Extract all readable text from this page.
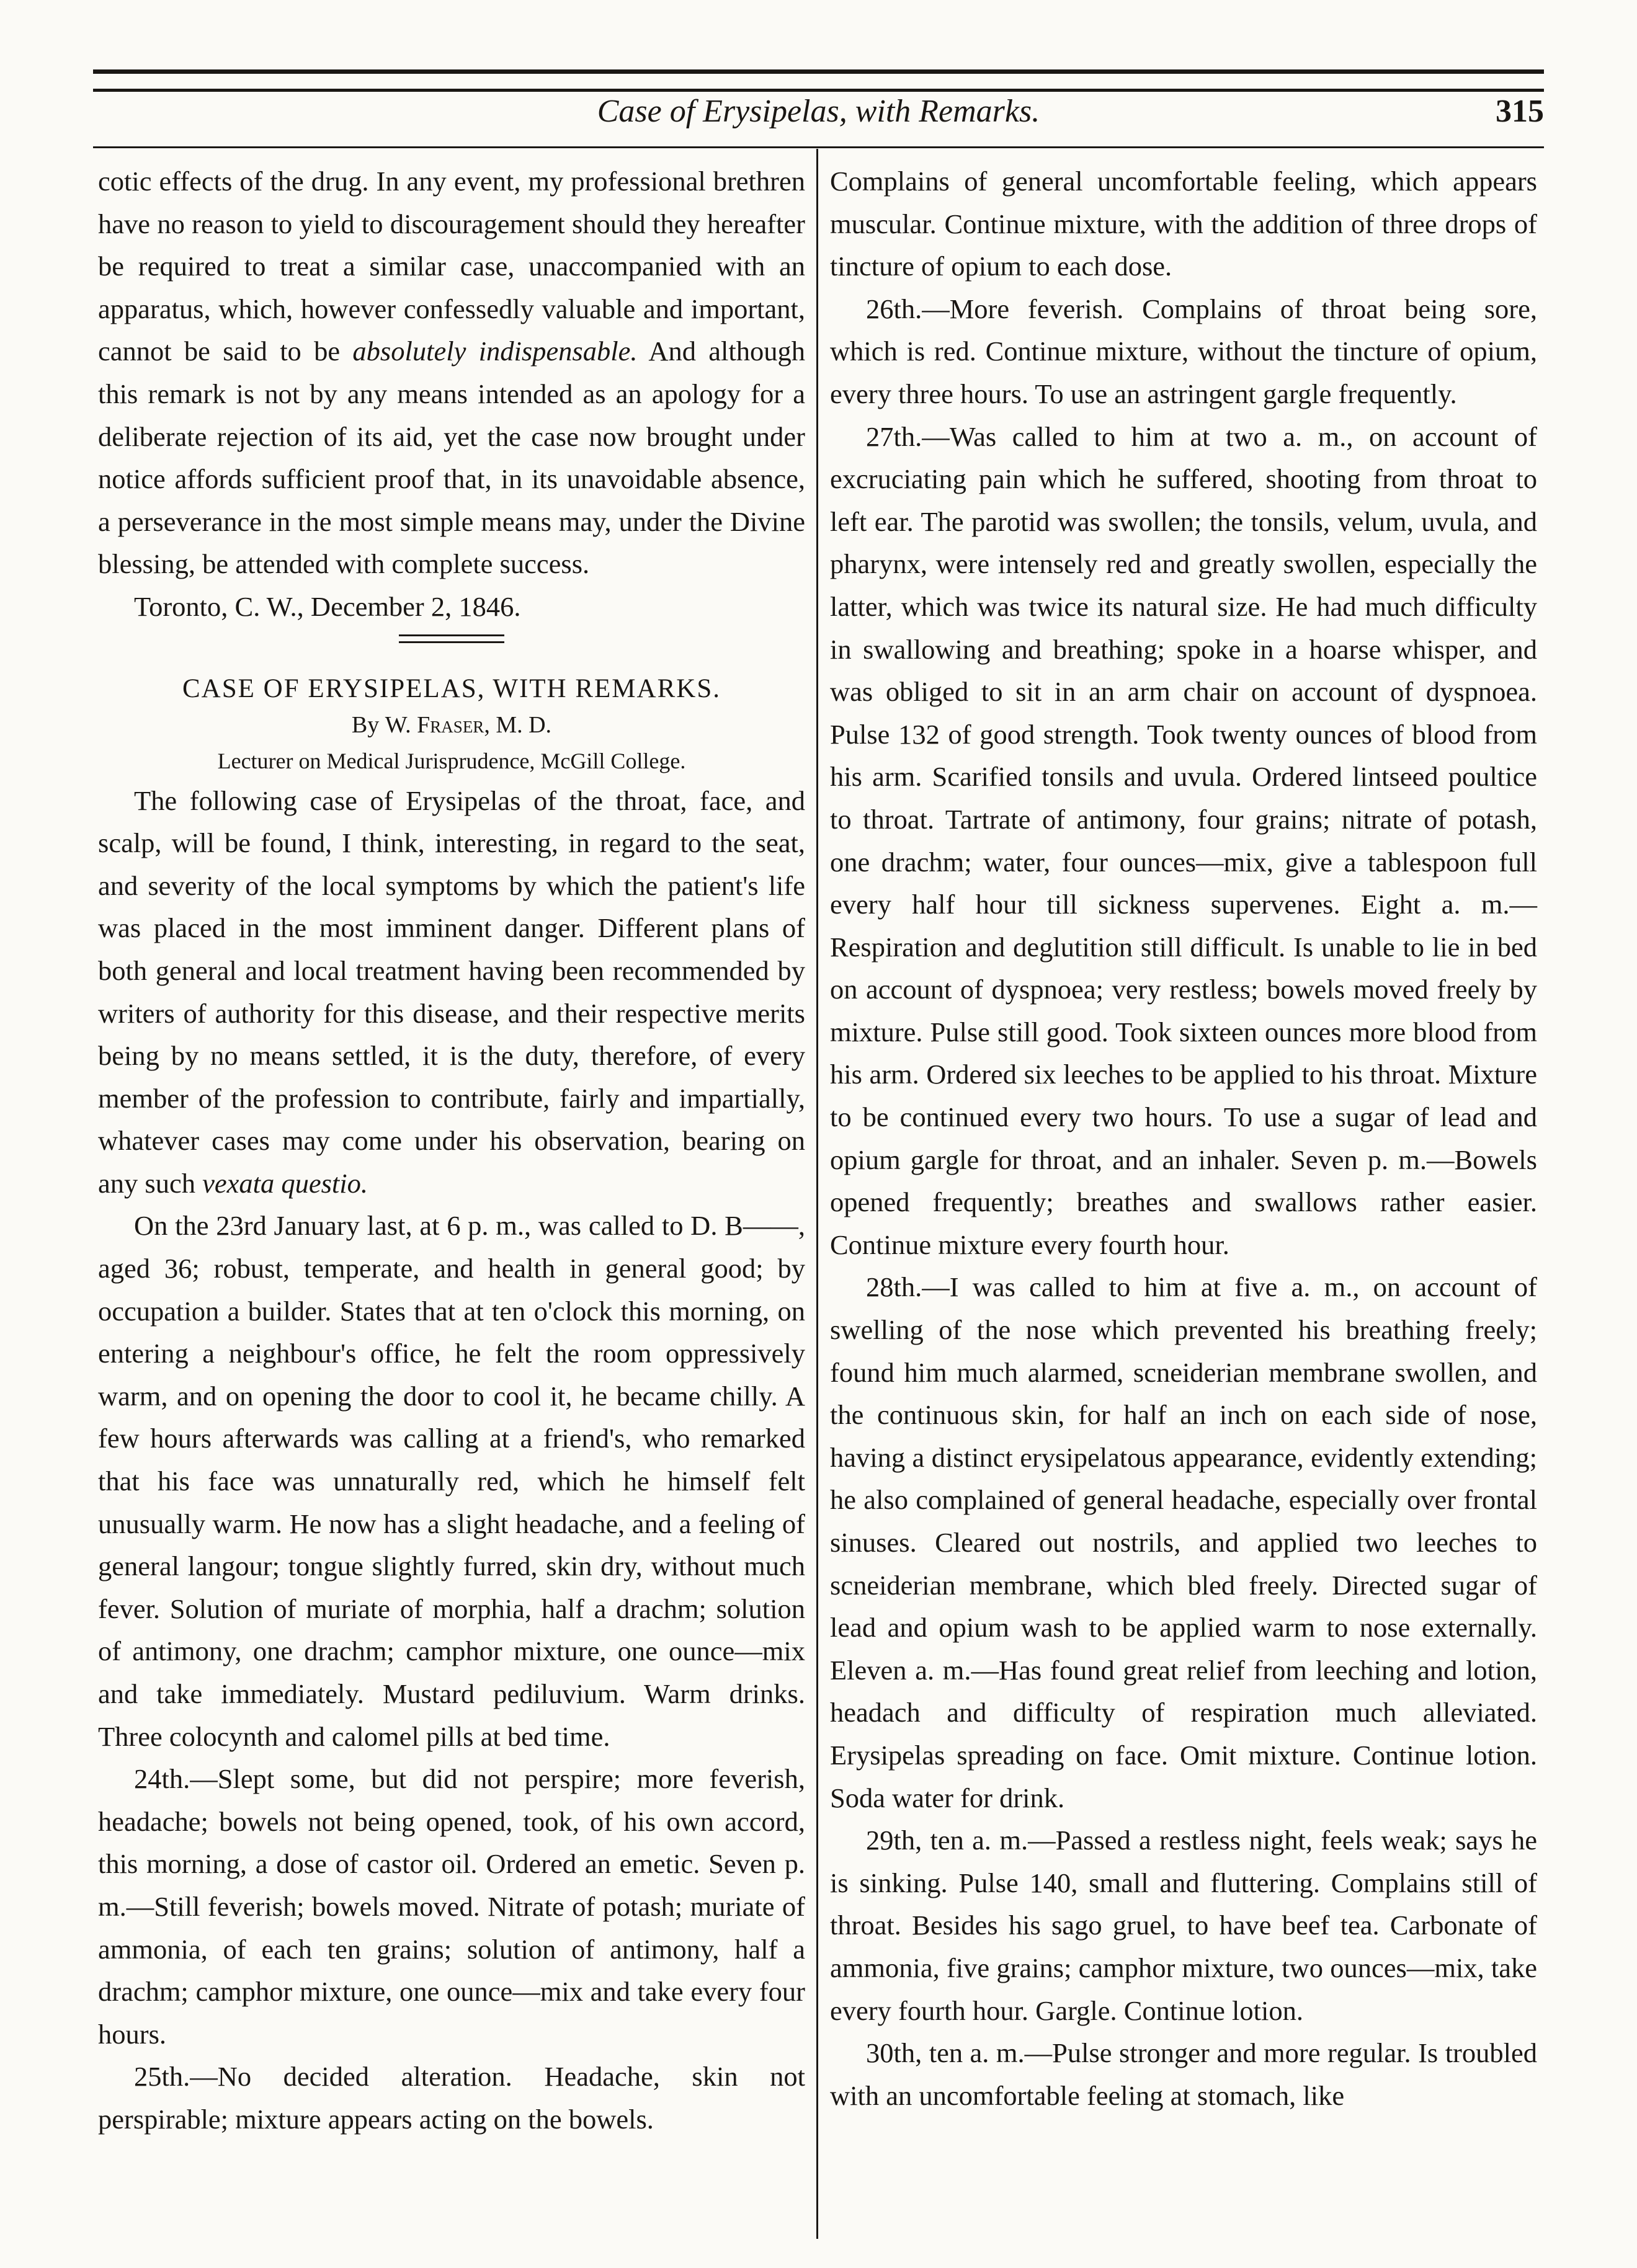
Case of Erysipelas, with Remarks.	315

cotic effects of the drug. In any event, my professional brethren have no reason to yield to discouragement should they hereafter be required to treat a similar case, unaccompanied with an apparatus, which, however confessedly valuable and important, cannot be said to be absolutely indispensable. And although this remark is not by any means intended as an apology for a deliberate rejection of its aid, yet the case now brought under notice affords sufficient proof that, in its unavoidable absence, a perseverance in the most simple means may, under the Divine blessing, be attended with complete success.

Toronto, C. W., December 2, 1846.

CASE OF ERYSIPELAS, WITH REMARKS.

By W. Fraser, M. D.

Lecturer on Medical Jurisprudence, McGill College.

The following case of Erysipelas of the throat, face, and scalp, will be found, I think, interesting, in regard to the seat, and severity of the local symptoms by which the patient's life was placed in the most imminent danger. Different plans of both general and local treatment having been recommended by writers of authority for this disease, and their respective merits being by no means settled, it is the duty, therefore, of every member of the profession to contribute, fairly and impartially, whatever cases may come under his observation, bearing on any such vexata questio.

On the 23rd January last, at 6 p. m., was called to D. B——, aged 36; robust, temperate, and health in general good; by occupation a builder. States that at ten o'clock this morning, on entering a neighbour's office, he felt the room oppressively warm, and on opening the door to cool it, he became chilly. A few hours afterwards was calling at a friend's, who remarked that his face was unnaturally red, which he himself felt unusually warm. He now has a slight headache, and a feeling of general langour; tongue slightly furred, skin dry, without much fever. Solution of muriate of morphia, half a drachm; solution of antimony, one drachm; camphor mixture, one ounce—mix and take immediately. Mustard pediluvium. Warm drinks. Three colocynth and calomel pills at bed time.

24th.—Slept some, but did not perspire; more feverish, headache; bowels not being opened, took, of his own accord, this morning, a dose of castor oil. Ordered an emetic. Seven p. m.—Still feverish; bowels moved. Nitrate of potash; muriate of ammonia, of each ten grains; solution of antimony, half a drachm; camphor mixture, one ounce—mix and take every four hours.

25th.—No decided alteration. Headache, skin not perspirable; mixture appears acting on the bowels.

Complains of general uncomfortable feeling, which appears muscular. Continue mixture, with the addition of three drops of tincture of opium to each dose.

26th.—More feverish. Complains of throat being sore, which is red. Continue mixture, without the tincture of opium, every three hours. To use an astringent gargle frequently.

27th.—Was called to him at two a. m., on account of excruciating pain which he suffered, shooting from throat to left ear. The parotid was swollen; the tonsils, velum, uvula, and pharynx, were intensely red and greatly swollen, especially the latter, which was twice its natural size. He had much difficulty in swallowing and breathing; spoke in a hoarse whisper, and was obliged to sit in an arm chair on account of dyspnoea. Pulse 132 of good strength. Took twenty ounces of blood from his arm. Scarified tonsils and uvula. Ordered lintseed poultice to throat. Tartrate of antimony, four grains; nitrate of potash, one drachm; water, four ounces—mix, give a tablespoon full every half hour till sickness supervenes. Eight a. m.—Respiration and deglutition still difficult. Is unable to lie in bed on account of dyspnoea; very restless; bowels moved freely by mixture. Pulse still good. Took sixteen ounces more blood from his arm. Ordered six leeches to be applied to his throat. Mixture to be continued every two hours. To use a sugar of lead and opium gargle for throat, and an inhaler. Seven p. m.—Bowels opened frequently; breathes and swallows rather easier. Continue mixture every fourth hour.

28th.—I was called to him at five a. m., on account of swelling of the nose which prevented his breathing freely; found him much alarmed, scneiderian membrane swollen, and the continuous skin, for half an inch on each side of nose, having a distinct erysipelatous appearance, evidently extending; he also complained of general headache, especially over frontal sinuses. Cleared out nostrils, and applied two leeches to scneiderian membrane, which bled freely. Directed sugar of lead and opium wash to be applied warm to nose externally. Eleven a. m.—Has found great relief from leeching and lotion, headach and difficulty of respiration much alleviated. Erysipelas spreading on face. Omit mixture. Continue lotion. Soda water for drink.

29th, ten a. m.—Passed a restless night, feels weak; says he is sinking. Pulse 140, small and fluttering. Complains still of throat. Besides his sago gruel, to have beef tea. Carbonate of ammonia, five grains; camphor mixture, two ounces—mix, take every fourth hour. Gargle. Continue lotion.

30th, ten a. m.—Pulse stronger and more regular. Is troubled with an uncomfortable feeling at stomach, like
